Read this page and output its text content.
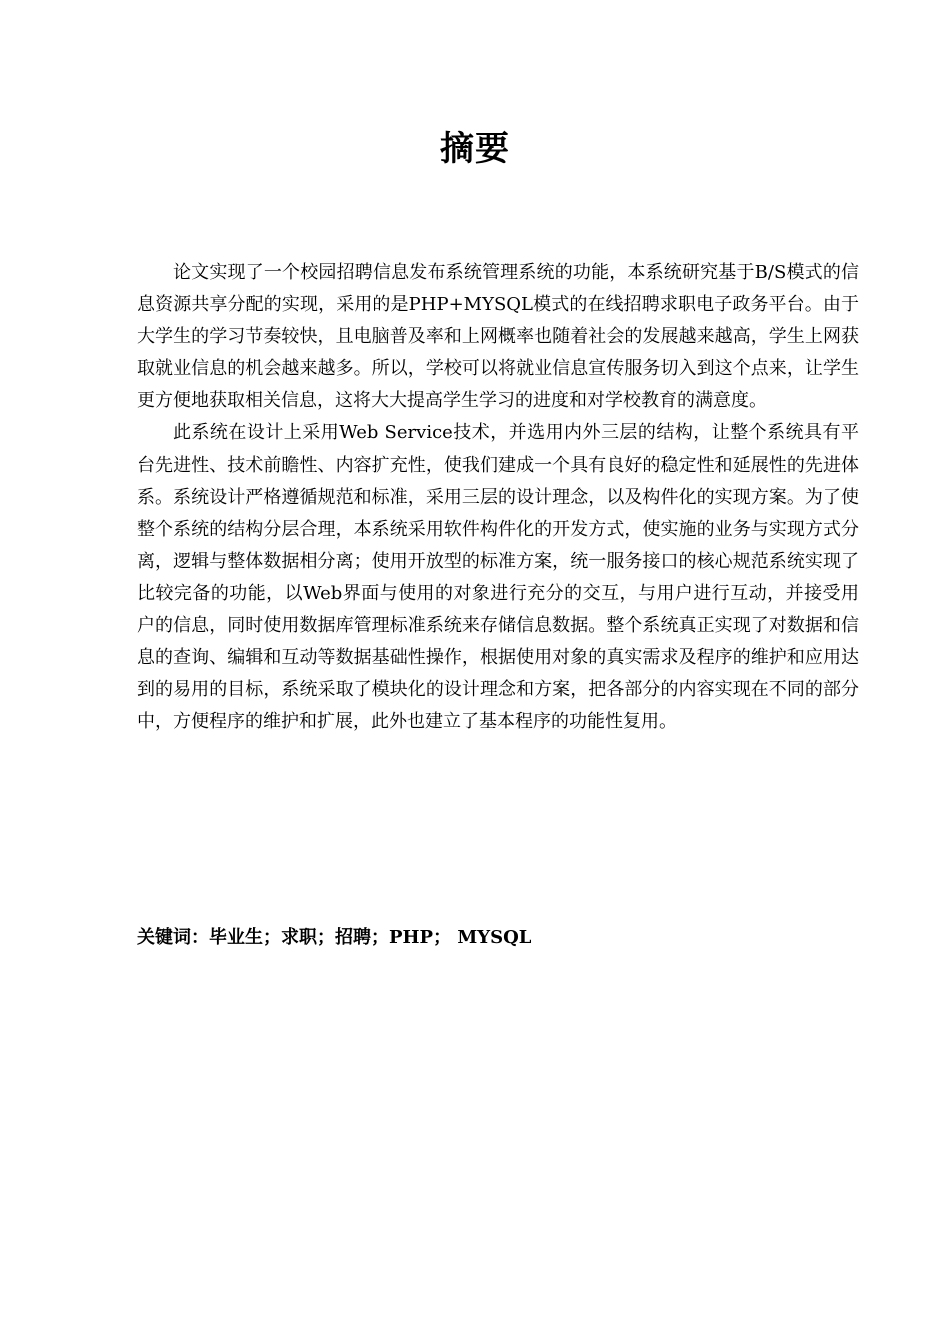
摘要

论文实现了一个校园招聘信息发布系统管理系统的功能，本系统研究基于B/S模式的信息资源共享分配的实现，采用的是PHP+MYSQL模式的在线招聘求职电子政务平台。由于大学生的学习节奏较快，且电脑普及率和上网概率也随着社会的发展越来越高，学生上网获取就业信息的机会越来越多。所以，学校可以将就业信息宣传服务切入到这个点来，让学生更方便地获取相关信息，这将大大提高学生学习的进度和对学校教育的满意度。

此系统在设计上采用Web Service技术，并选用内外三层的结构，让整个系统具有平台先进性、技术前瞻性、内容扩充性，使我们建成一个具有良好的稳定性和延展性的先进体系。系统设计严格遵循规范和标准，采用三层的设计理念，以及构件化的实现方案。为了使整个系统的结构分层合理，本系统采用软件构件化的开发方式，使实施的业务与实现方式分离，逻辑与整体数据相分离；使用开放型的标准方案，统一服务接口的核心规范系统实现了比较完备的功能，以Web界面与使用的对象进行充分的交互，与用户进行互动，并接受用户的信息，同时使用数据库管理标准系统来存储信息数据。整个系统真正实现了对数据和信息的查询、编辑和互动等数据基础性操作，根据使用对象的真实需求及程序的维护和应用达到的易用的目标，系统采取了模块化的设计理念和方案，把各部分的内容实现在不同的部分中，方便程序的维护和扩展，此外也建立了基本程序的功能性复用。

关键词：毕业生；求职；招聘；PHP； MYSQL
